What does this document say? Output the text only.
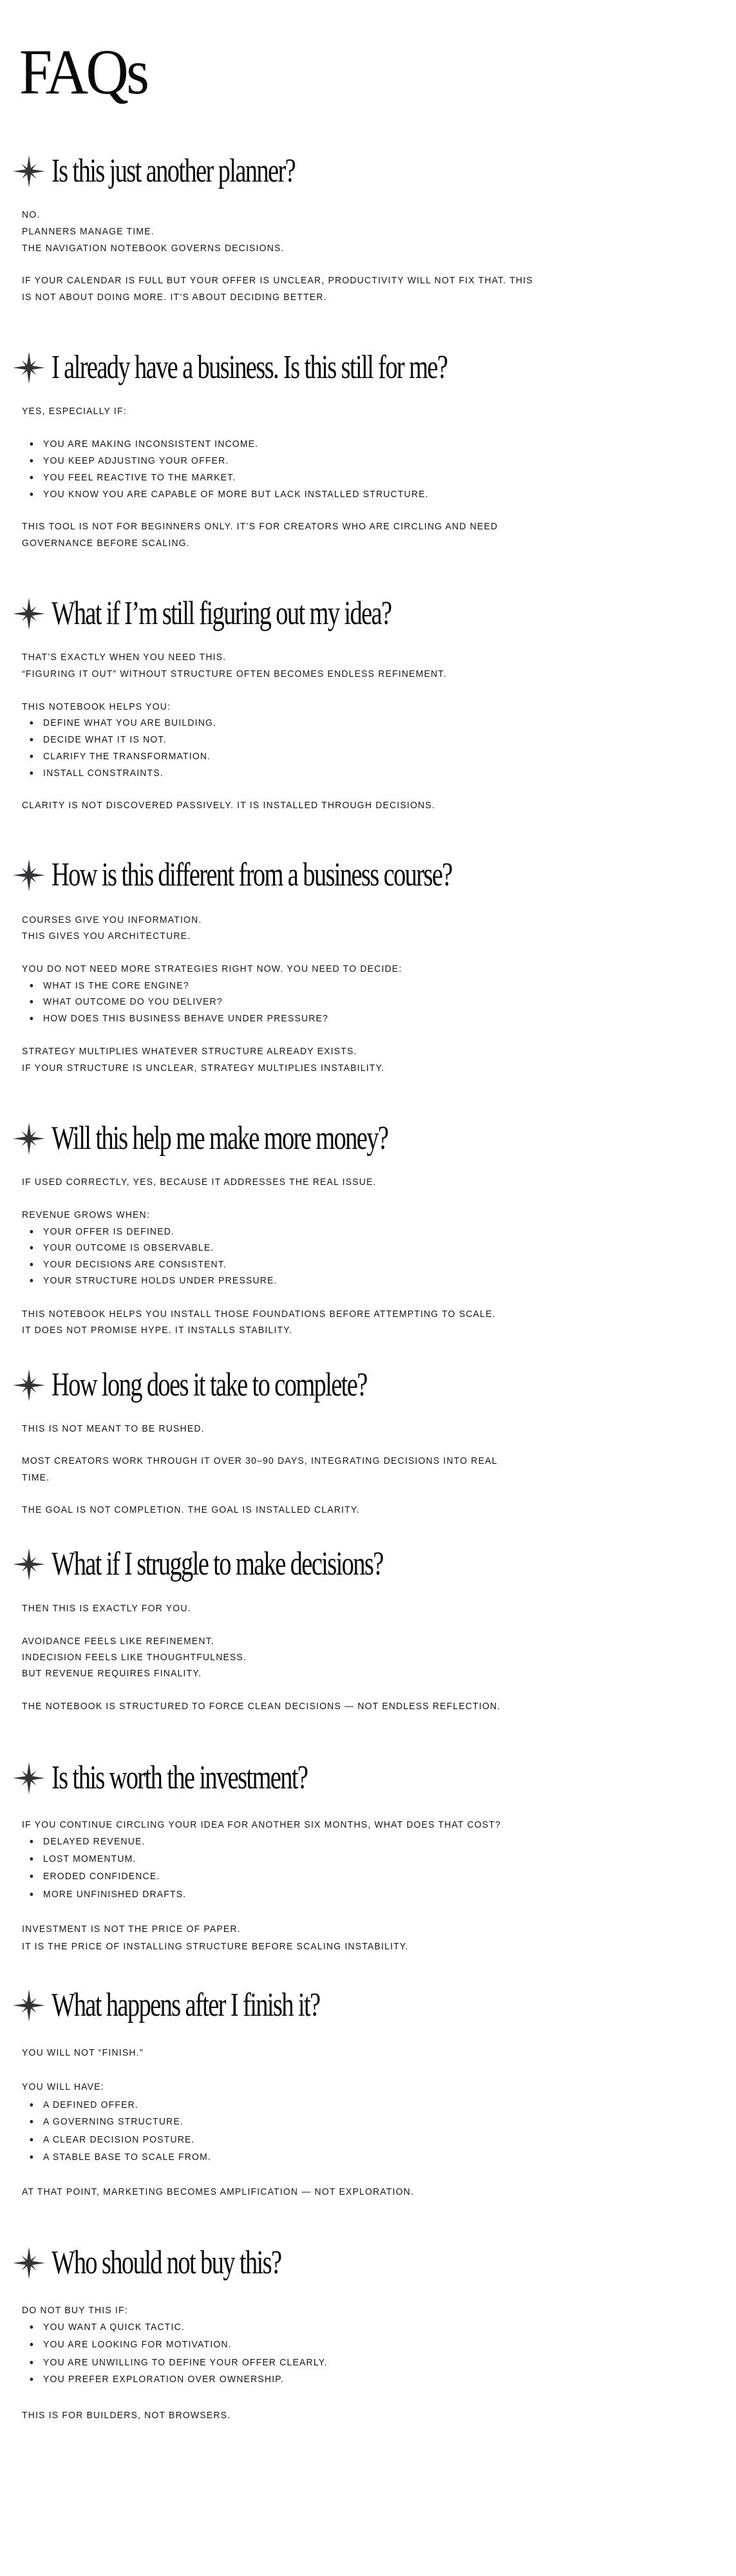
FAQs
Is this just another planner?
NO.
PLANNERS MANAGE TIME.
THE NAVIGATION NOTEBOOK GOVERNS DECISIONS.
IF YOUR CALENDAR IS FULL BUT YOUR OFFER IS UNCLEAR, PRODUCTIVITY WILL NOT FIX THAT. THIS
IS NOT ABOUT DOING MORE. IT’S ABOUT DECIDING BETTER.
I already have a business. Is this still for me?
YES, ESPECIALLY IF:
YOU ARE MAKING INCONSISTENT INCOME.
YOU KEEP ADJUSTING YOUR OFFER.
YOU FEEL REACTIVE TO THE MARKET.
YOU KNOW YOU ARE CAPABLE OF MORE BUT LACK INSTALLED STRUCTURE.
THIS TOOL IS NOT FOR BEGINNERS ONLY. IT’S FOR CREATORS WHO ARE CIRCLING AND NEED
GOVERNANCE BEFORE SCALING.
What if I’m still figuring out my idea?
THAT’S EXACTLY WHEN YOU NEED THIS.
“FIGURING IT OUT” WITHOUT STRUCTURE OFTEN BECOMES ENDLESS REFINEMENT.
THIS NOTEBOOK HELPS YOU:
DEFINE WHAT YOU ARE BUILDING.
DECIDE WHAT IT IS NOT.
CLARIFY THE TRANSFORMATION.
INSTALL CONSTRAINTS.
CLARITY IS NOT DISCOVERED PASSIVELY. IT IS INSTALLED THROUGH DECISIONS.
How is this different from a business course?
COURSES GIVE YOU INFORMATION.
THIS GIVES YOU ARCHITECTURE.
YOU DO NOT NEED MORE STRATEGIES RIGHT NOW. YOU NEED TO DECIDE:
WHAT IS THE CORE ENGINE?
WHAT OUTCOME DO YOU DELIVER?
HOW DOES THIS BUSINESS BEHAVE UNDER PRESSURE?
STRATEGY MULTIPLIES WHATEVER STRUCTURE ALREADY EXISTS.
IF YOUR STRUCTURE IS UNCLEAR, STRATEGY MULTIPLIES INSTABILITY.
Will this help me make more money?
IF USED CORRECTLY, YES, BECAUSE IT ADDRESSES THE REAL ISSUE.
REVENUE GROWS WHEN:
YOUR OFFER IS DEFINED.
YOUR OUTCOME IS OBSERVABLE.
YOUR DECISIONS ARE CONSISTENT.
YOUR STRUCTURE HOLDS UNDER PRESSURE.
THIS NOTEBOOK HELPS YOU INSTALL THOSE FOUNDATIONS BEFORE ATTEMPTING TO SCALE.
IT DOES NOT PROMISE HYPE. IT INSTALLS STABILITY.
How long does it take to complete?
THIS IS NOT MEANT TO BE RUSHED.
MOST CREATORS WORK THROUGH IT OVER 30–90 DAYS, INTEGRATING DECISIONS INTO REAL
TIME.
THE GOAL IS NOT COMPLETION. THE GOAL IS INSTALLED CLARITY.
What if I struggle to make decisions?
THEN THIS IS EXACTLY FOR YOU.
AVOIDANCE FEELS LIKE REFINEMENT.
INDECISION FEELS LIKE THOUGHTFULNESS.
BUT REVENUE REQUIRES FINALITY.
THE NOTEBOOK IS STRUCTURED TO FORCE CLEAN DECISIONS — NOT ENDLESS REFLECTION.
Is this worth the investment?
IF YOU CONTINUE CIRCLING YOUR IDEA FOR ANOTHER SIX MONTHS, WHAT DOES THAT COST?
DELAYED REVENUE.
LOST MOMENTUM.
ERODED CONFIDENCE.
MORE UNFINISHED DRAFTS.
INVESTMENT IS NOT THE PRICE OF PAPER.
IT IS THE PRICE OF INSTALLING STRUCTURE BEFORE SCALING INSTABILITY.
What happens after I finish it?
YOU WILL NOT “FINISH.”
YOU WILL HAVE:
A DEFINED OFFER.
A GOVERNING STRUCTURE.
A CLEAR DECISION POSTURE.
A STABLE BASE TO SCALE FROM.
AT THAT POINT, MARKETING BECOMES AMPLIFICATION — NOT EXPLORATION.
Who should not buy this?
DO NOT BUY THIS IF:
YOU WANT A QUICK TACTIC.
YOU ARE LOOKING FOR MOTIVATION.
YOU ARE UNWILLING TO DEFINE YOUR OFFER CLEARLY.
YOU PREFER EXPLORATION OVER OWNERSHIP.
THIS IS FOR BUILDERS, NOT BROWSERS.
